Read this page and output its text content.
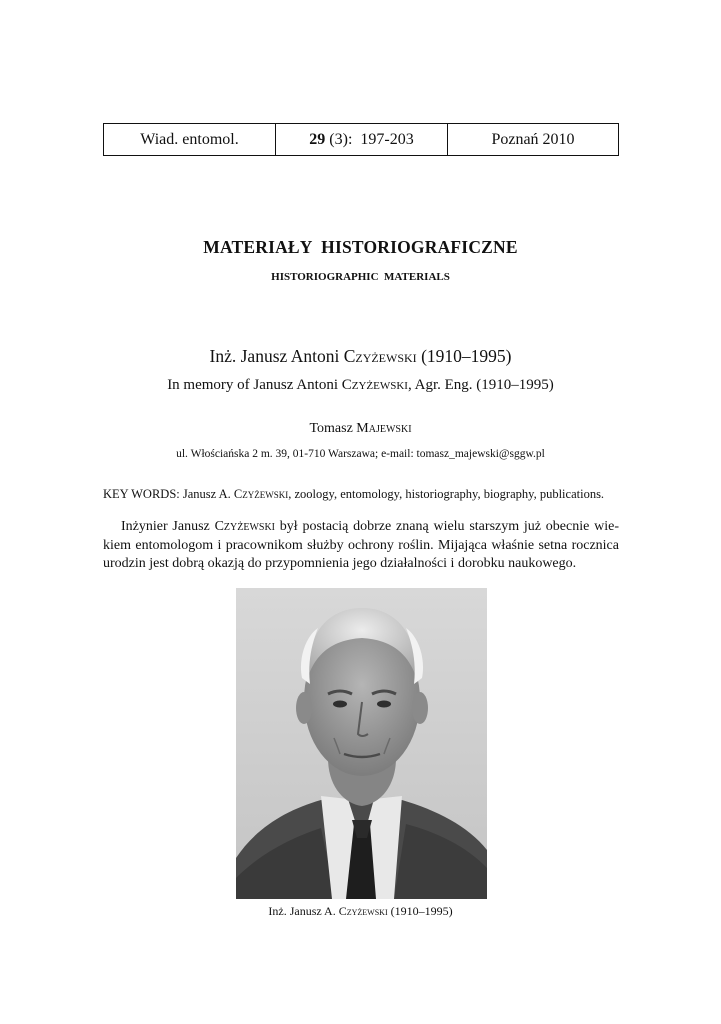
Wiad. entomol.	29 (3):  197-203	Poznań 2010
MATERIAŁY  HISTORIOGRAFICZNE
HISTORIOGRAPHIC  MATERIALS
Inż. Janusz Antoni Czyżewski (1910–1995)
In memory of Janusz Antoni Czyżewski, Agr. Eng. (1910–1995)
Tomasz Majewski
ul. Włościańska 2 m. 39, 01-710 Warszawa; e-mail: tomasz_majewski@sggw.pl
KEY WORDS: Janusz A. Czyżewski, zoology, entomology, historiography, biography, publications.
Inżynier Janusz Czyżewski był postacią dobrze znaną wielu starszym już obecnie wie-
kiem entomologom i pracownikom służby ochrony roślin. Mijająca właśnie setna rocznica
urodzin jest dobrą okazją do przypomnienia jego działalności i dorobku naukowego.
Inż. Janusz A. Czyżewski (1910–1995)
